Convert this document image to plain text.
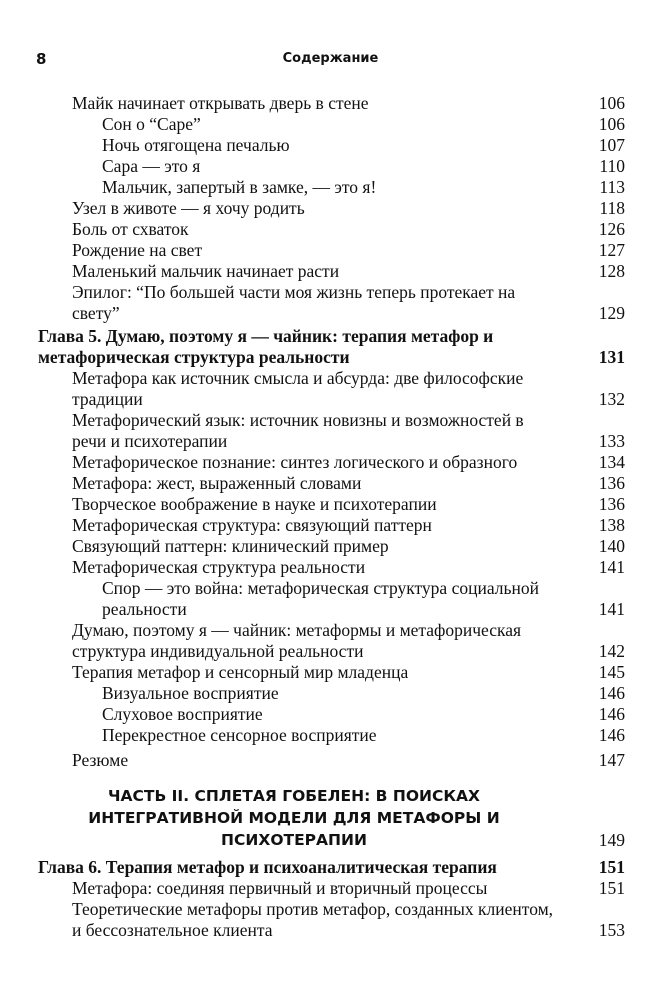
8	Содержание
Майк начинает открывать дверь в стене	106
Сон о “Саре”	106
Ночь отягощена печалью	107
Сара — это я	110
Мальчик, запертый в замке, — это я!	113
Узел в животе — я хочу родить	118
Боль от схваток	126
Рождение на свет	127
Маленький мальчик начинает расти	128
Эпилог: “По большей части моя жизнь теперь протекает на свету”	129
Глава 5. Думаю, поэтому я — чайник: терапия метафор и метафорическая структура реальности	131
Метафора как источник смысла и абсурда: две философские традиции	132
Метафорический язык: источник новизны и возможностей в речи и психотерапии	133
Метафорическое познание: синтез логического и образного	134
Метафора: жест, выраженный словами	136
Творческое воображение в науке и психотерапии	136
Метафорическая структура: связующий паттерн	138
Связующий паттерн: клинический пример	140
Метафорическая структура реальности	141
Спор — это война: метафорическая структура социальной реальности	141
Думаю, поэтому я — чайник: метаформы и метафорическая структура индивидуальной реальности	142
Терапия метафор и сенсорный мир младенца	145
Визуальное восприятие	146
Слуховое восприятие	146
Перекрестное сенсорное восприятие	146
Резюме	147
ЧАСТЬ II. СПЛЕТАЯ ГОБЕЛЕН: В ПОИСКАХ ИНТЕГРАТИВНОЙ МОДЕЛИ ДЛЯ МЕТАФОРЫ И ПСИХОТЕРАПИИ	149
Глава 6. Терапия метафор и психоаналитическая терапия	151
Метафора: соединяя первичный и вторичный процессы	151
Теоретические метафоры против метафор, созданных клиентом, и бессознательное клиента	153
